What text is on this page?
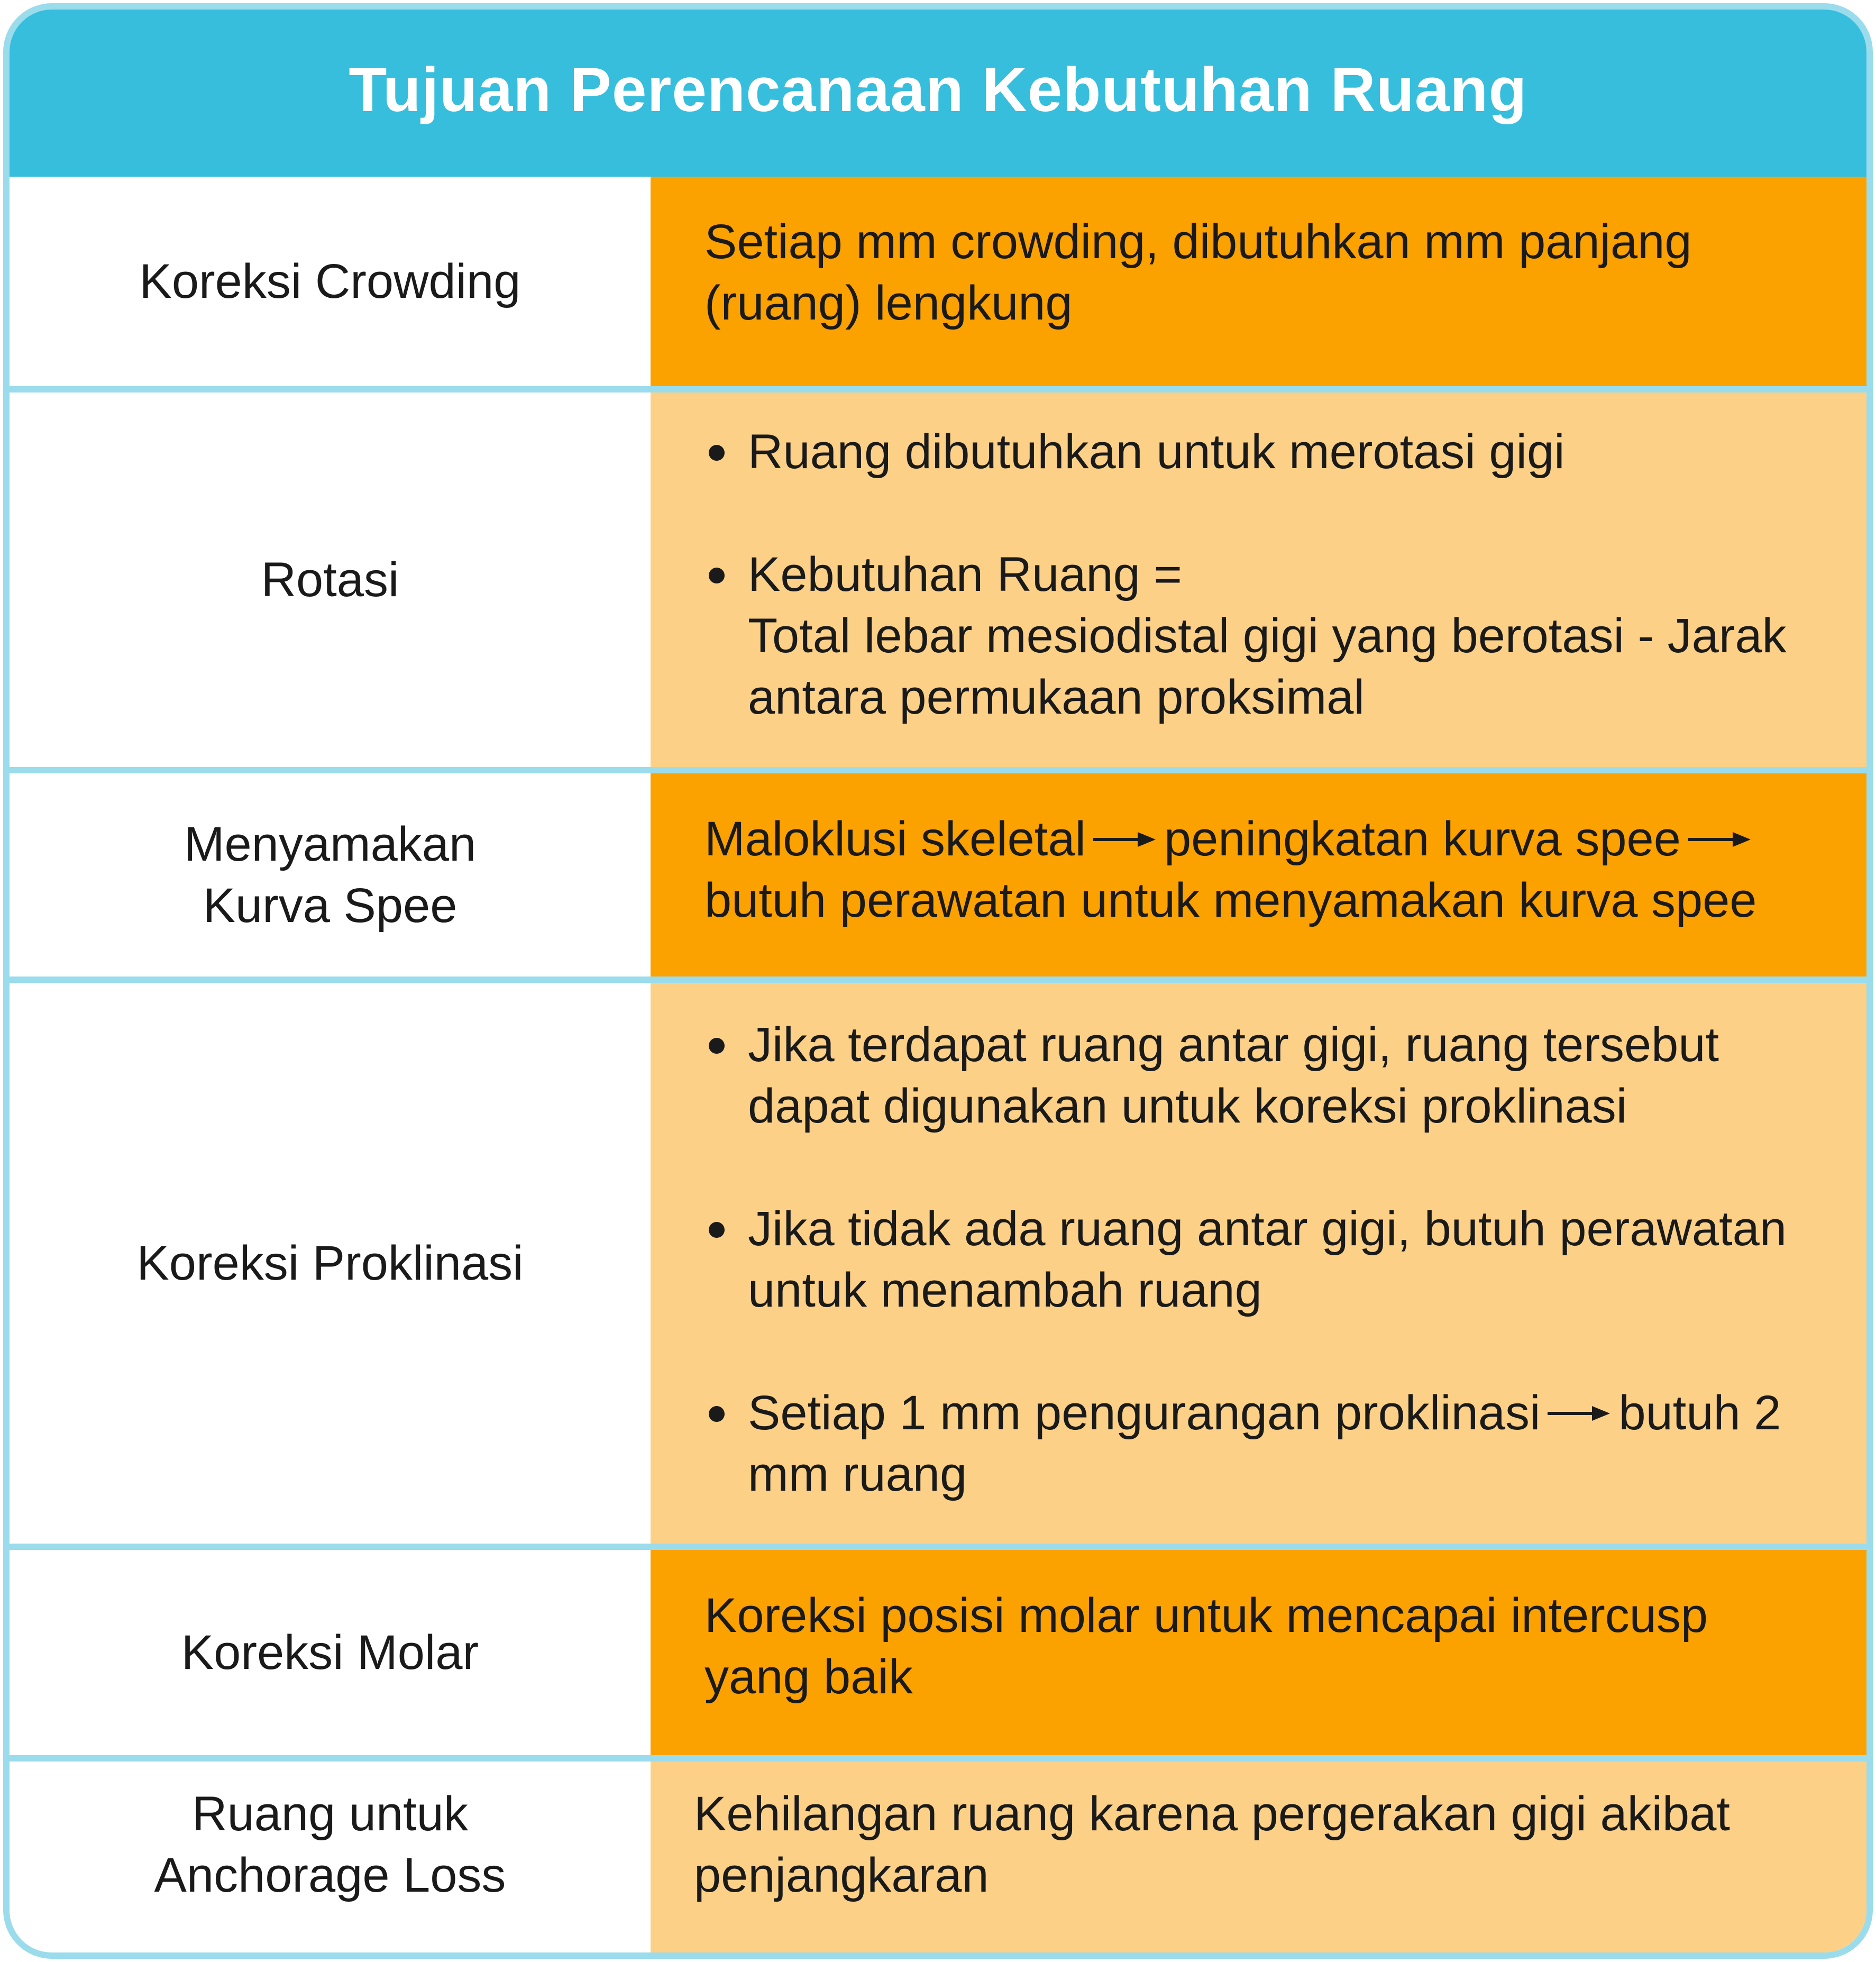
Tujuan Perencanaan Kebutuhan Ruang
Koreksi Crowding
Setiap mm crowding, dibutuhkan mm panjang
(ruang) lengkung
Rotasi
Ruang dibutuhkan untuk merotasi gigi
Kebutuhan Ruang =
Total lebar mesiodistal gigi yang berotasi - Jarak
antara permukaan proksimal
Menyamakan
Kurva Spee
Maloklusi skeletal peningkatan kurva spee
butuh perawatan untuk menyamakan kurva spee
Koreksi Proklinasi
Jika terdapat ruang antar gigi, ruang tersebut
dapat digunakan untuk koreksi proklinasi
Jika tidak ada ruang antar gigi, butuh perawatan
untuk menambah ruang
Setiap 1 mm pengurangan proklinasi butuh 2
mm ruang
Koreksi Molar
Koreksi posisi molar untuk mencapai intercusp
yang baik
Ruang untuk
Anchorage Loss
Kehilangan ruang karena pergerakan gigi akibat
penjangkaran
